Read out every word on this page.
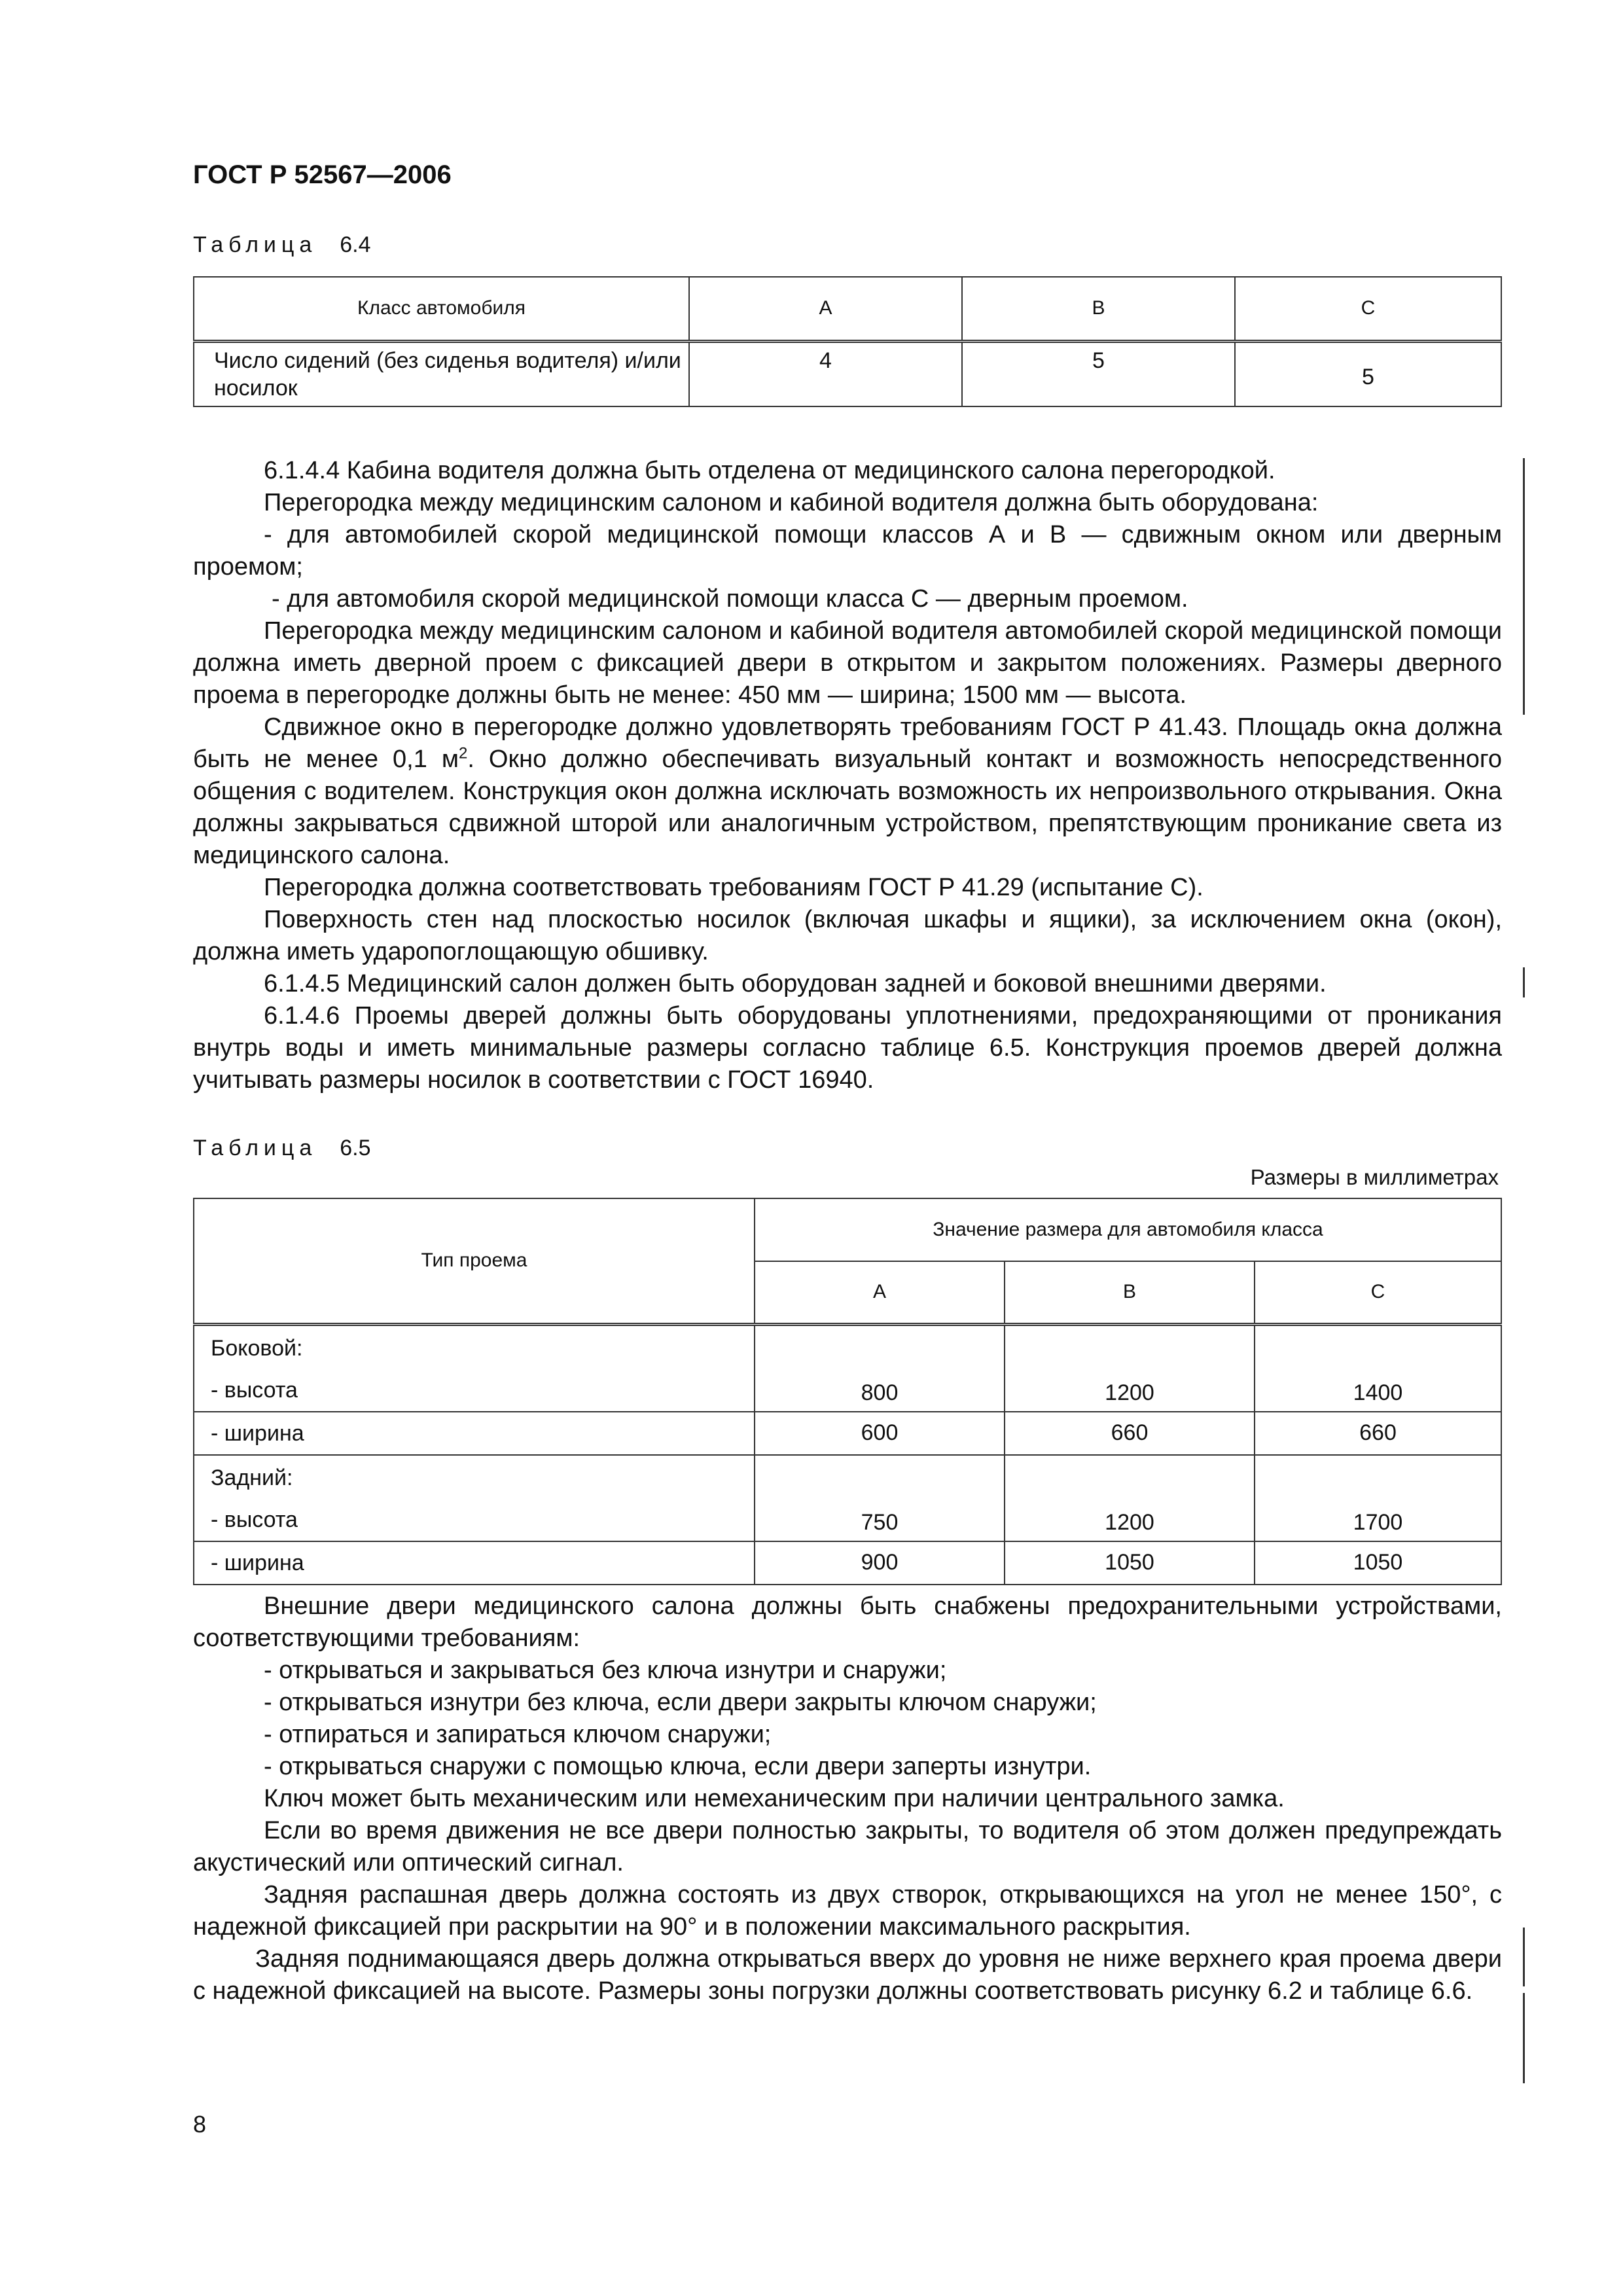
ГОСТ Р 52567—2006
Таблица 6.4
Класс автомобиля	A	B	C
Число сидений (без сиденья водителя) и/или носилок	4	5	5

6.1.4.4 Кабина водителя должна быть отделена от медицинского салона перегородкой.

Перегородка между медицинским салоном и кабиной водителя должна быть оборудована:

- для автомобилей скорой медицинской помощи классов А и В — сдвижным окном или дверным проемом;

- для автомобиля скорой медицинской помощи класса С — дверным проемом.

Перегородка между медицинским салоном и кабиной водителя автомобилей скорой медицинской помощи должна иметь дверной проем с фиксацией двери в открытом и закрытом положениях. Размеры дверного проема в перегородке должны быть не менее: 450 мм — ширина; 1500 мм — высота.

Сдвижное окно в перегородке должно удовлетворять требованиям ГОСТ Р 41.43. Площадь окна должна быть не менее 0,1 $м^2$. Окно должно обеспечивать визуальный контакт и возможность непосредственного общения с водителем. Конструкция окон должна исключать возможность их непроизвольного открывания. Окна должны закрываться сдвижной шторой или аналогичным устройством, препятствующим проникание света из медицинского салона.

Перегородка должна соответствовать требованиям ГОСТ Р 41.29 (испытание С).

Поверхность стен над плоскостью носилок (включая шкафы и ящики), за исключением окна (окон), должна иметь удaропоглощающую обшивку.

6.1.4.5 Медицинский салон должен быть оборудован задней и боковой внешними дверями.

6.1.4.6 Проемы дверей должны быть оборудованы уплотнениями, предохраняющими от проникания внутрь воды и иметь минимальные размеры согласно таблице 6.5. Конструкция проемов дверей должна учитывать размеры носилок в соответствии с ГОСТ 16940.

Таблица 6.5
Размеры в миллиметрах
Тип проема	Значение размера для автомобиля класса		
	A	B	C

Боковой:
- высота	800	1200	1400
- ширина	600	660	660

Задний:
- высота	750	1200	1700
- ширина	900	1050	1050

Внешние двери медицинского салона должны быть снабжены предохранительными устройствами, соответствующими требованиям:

- открываться и закрываться без ключа изнутри и снаружи;

- открываться изнутри без ключа, если двери закрыты ключом снаружи;

- отпираться и запираться ключом снаружи;

- открываться снаружи с помощью ключа, если двери заперты изнутри.

Ключ может быть механическим или немеханическим при наличии центрального замка.

Если во время движения не все двери полностью закрыты, то водителя об этом должен предупреждать акустический или оптический сигнал.

Задняя распашная дверь должна состоять из двух створок, открывающихся на угол не менее 150°, с надежной фиксацией при раскрытии на 90° и в положении максимального раскрытия.

Задняя поднимающаяся дверь должна открываться вверх до уровня не ниже верхнего края проема двери с надежной фиксацией на высоте. Размеры зоны погрузки должны соответствовать рисунку 6.2 и таблице 6.6.

8
